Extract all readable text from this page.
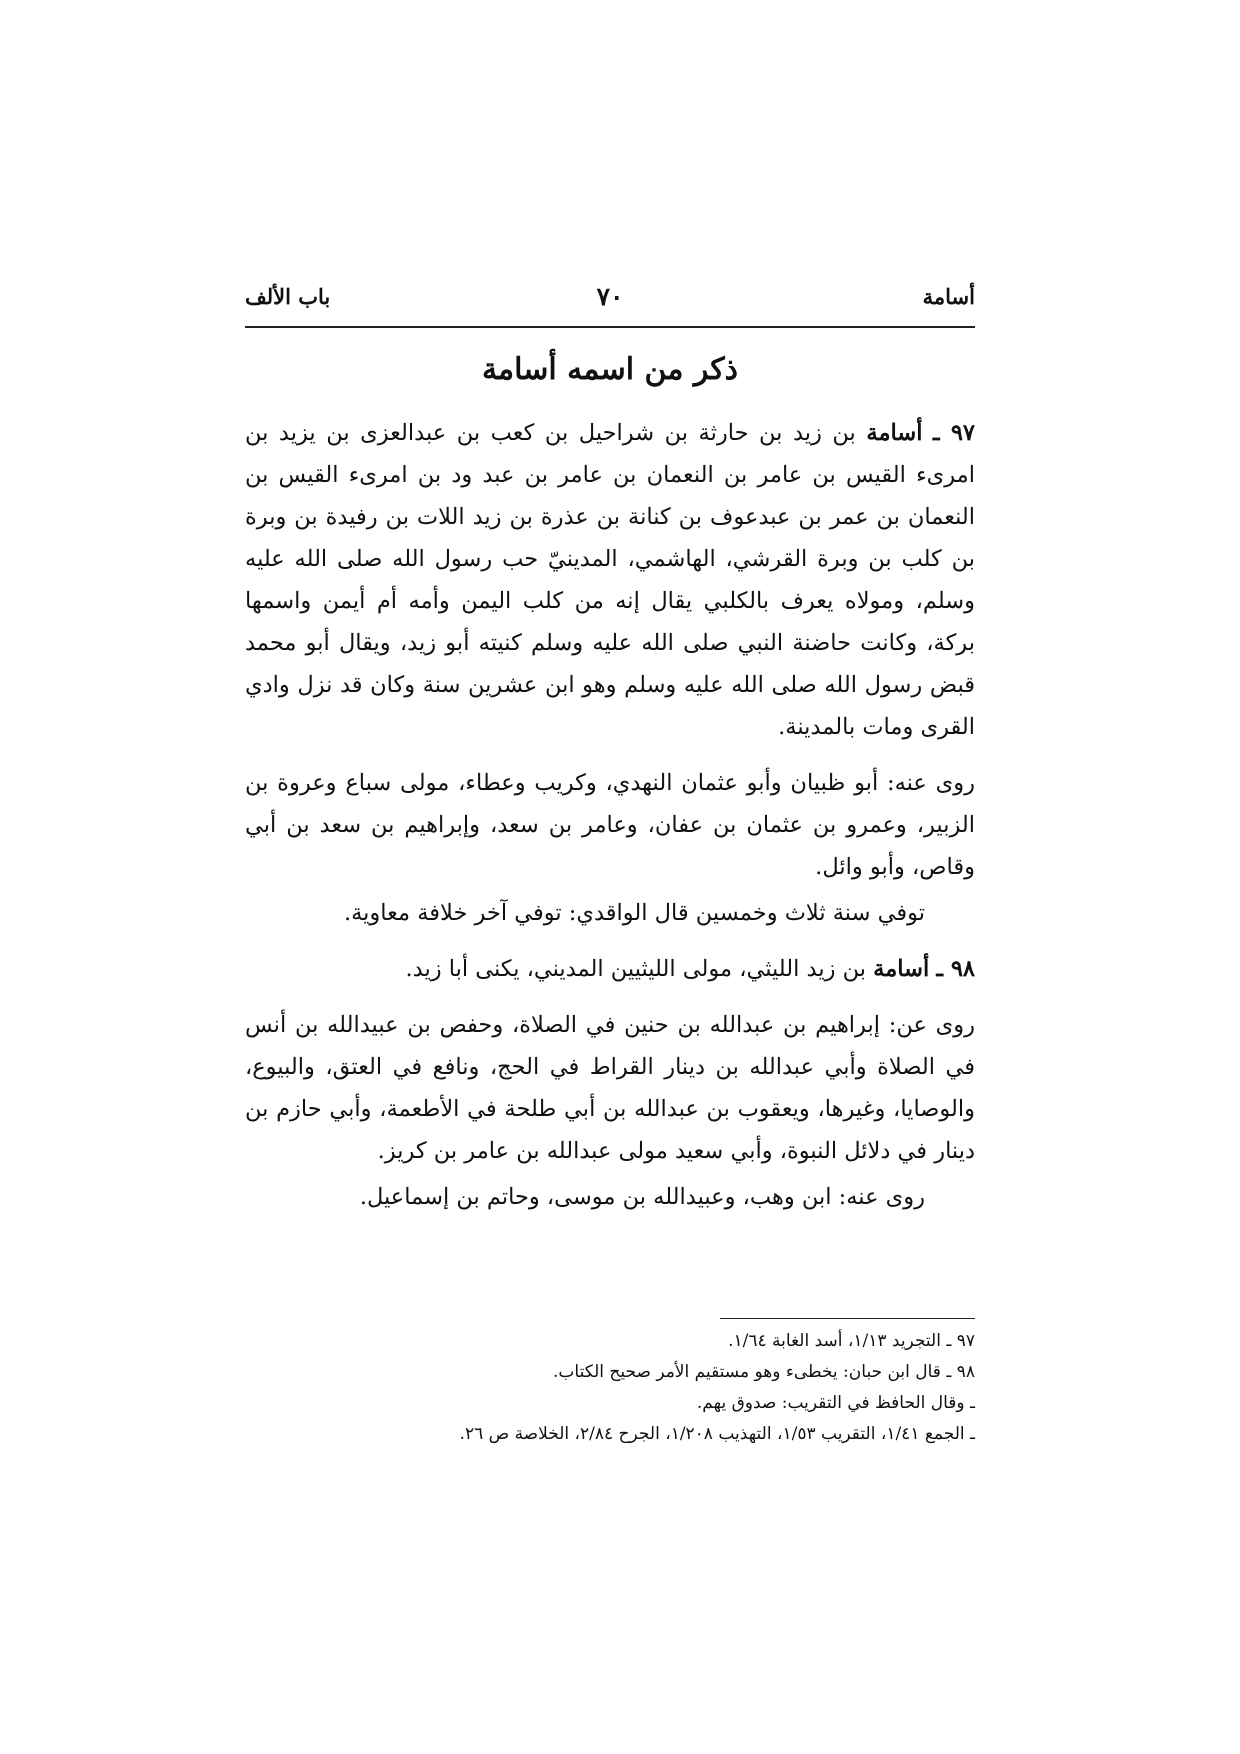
أسامة
٧٠
باب الألف
ذكر من اسمه أسامة

٩٧ ـ أسامة بن زيد بن حارثة بن شراحيل بن كعب بن عبدالعزى بن يزيد بن امرىء القيس بن عامر بن النعمان بن عامر بن عبد ود بن امرىء القيس بن النعمان بن عمر بن عبدعوف بن كنانة بن عذرة بن زيد اللات بن رفيدة بن وبرة بن كلب بن وبرة القرشي، الهاشمي، المدينيّ حب رسول الله صلى الله عليه وسلم، ومولاه يعرف بالكلبي يقال إنه من كلب اليمن وأمه أم أيمن واسمها بركة، وكانت حاضنة النبي صلى الله عليه وسلم كنيته أبو زيد، ويقال أبو محمد قبض رسول الله صلى الله عليه وسلم وهو ابن عشرين سنة وكان قد نزل وادي القرى ومات بالمدينة.

روى عنه: أبو ظبيان وأبو عثمان النهدي، وكريب وعطاء، مولى سباع وعروة بن الزبير، وعمرو بن عثمان بن عفان، وعامر بن سعد، وإبراهيم بن سعد بن أبي وقاص، وأبو وائل.

توفي سنة ثلاث وخمسين قال الواقدي: توفي آخر خلافة معاوية.

٩٨ ـ أسامة بن زيد الليثي، مولى الليثيين المديني، يكنى أبا زيد.

روى عن: إبراهيم بن عبدالله بن حنين في الصلاة، وحفص بن عبيدالله بن أنس في الصلاة وأبي عبدالله بن دينار القراط في الحج، ونافع في العتق، والبيوع، والوصايا، وغيرها، ويعقوب بن عبدالله بن أبي طلحة في الأطعمة، وأبي حازم بن دينار في دلائل النبوة، وأبي سعيد مولى عبدالله بن عامر بن كريز.

روى عنه: ابن وهب، وعبيدالله بن موسى، وحاتم بن إسماعيل.

٩٧ ـ التجريد ١/١٣، أسد الغابة ١/٦٤.

٩٨ ـ قال ابن حبان: يخطىء وهو مستقيم الأمر صحيح الكتاب.

ـ وقال الحافظ في التقريب: صدوق يهم.

ـ الجمع ١/٤١، التقريب ١/٥٣، التهذيب ١/٢٠٨، الجرح ٢/٨٤، الخلاصة ص ٢٦.
